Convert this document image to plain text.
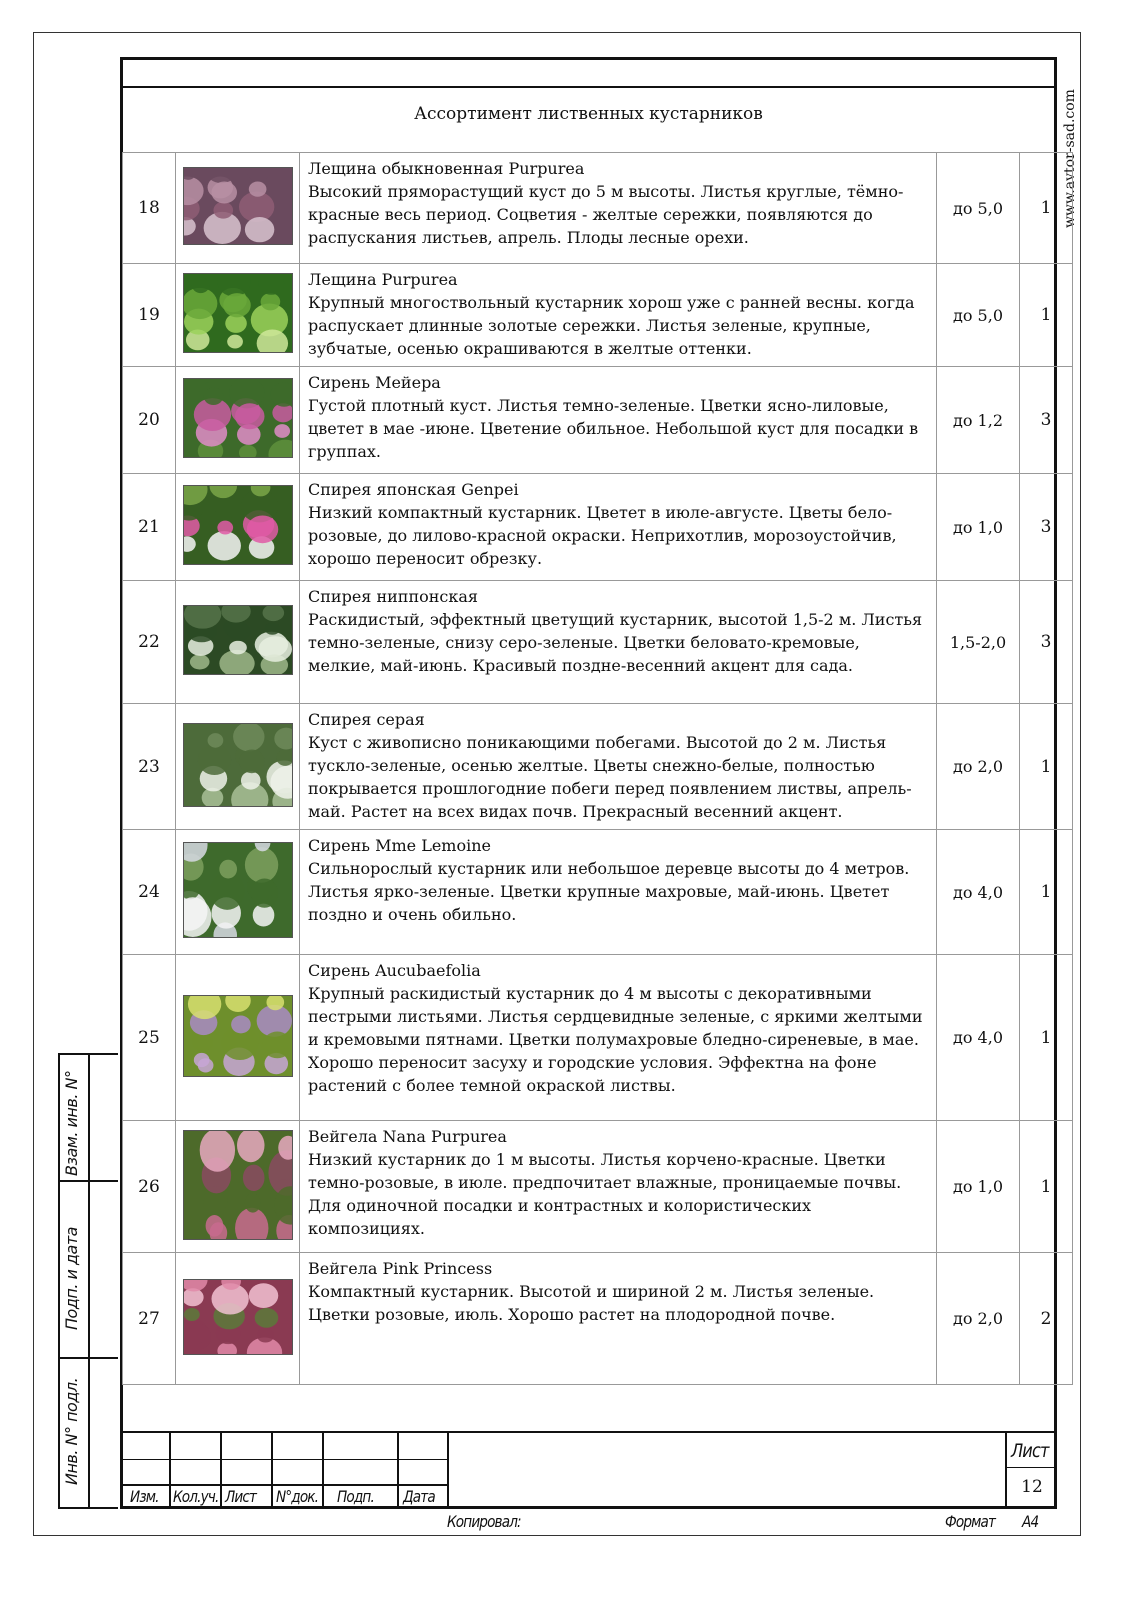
Ассортимент лиственных кустарников	www.avtor-sad.com
18		Лещина обыкновенная Purpurea
Высокий пряморастущий куст до 5 м высоты. Листья круглые, тёмно-красные весь период. Соцветия - желтые сережки, появляются до распускания листьев, апрель. Плоды лесные орехи.	до 5,0	1
19		Лещина Purpurea
Крупный многоствольный кустарник хорош уже с ранней весны. когда распускает длинные золотые сережки. Листья зеленые, крупные, зубчатые, осенью окрашиваются в желтые оттенки.	до 5,0	1
20		Сирень Мейера
Густой плотный куст. Листья темно-зеленые. Цветки ясно-лиловые, цветет в мае -июне. Цветение обильное. Небольшой куст для посадки в группах.	до 1,2	3
21		Спирея японская Genpei
Низкий компактный кустарник. Цветет в июле-августе. Цветы бело-розовые, до лилово-красной окраски. Неприхотлив, морозоустойчив, хорошо переносит обрезку.	до 1,0	3
22		Спирея ниппонская
Раскидистый, эффектный цветущий кустарник, высотой 1,5-2 м. Листья темно-зеленые, снизу серо-зеленые. Цветки беловато-кремовые, мелкие, май-июнь. Красивый поздне-весенний акцент для сада.	1,5-2,0	3
23		Спирея серая
Куст с живописно поникающими побегами. Высотой до 2 м. Листья тускло-зеленые, осенью желтые. Цветы снежно-белые, полностью покрывается прошлогодние побеги перед появлением листвы, апрель-май. Растет на всех видах почв. Прекрасный весенний акцент.	до 2,0	1
24		Сирень Mme Lemoine
Сильнорослый кустарник или небольшое деревце высоты до 4 метров. Листья ярко-зеленые. Цветки крупные махровые, май-июнь. Цветет поздно и очень обильно.	до 4,0	1
25		Сирень Aucubaefolia
Крупный раскидистый кустарник до 4 м высоты с декоративными пестрыми листьями. Листья сердцевидные зеленые, с яркими желтыми и кремовыми пятнами. Цветки полумахровые бледно-сиреневые, в мае. Хорошо переносит засуху и городские условия. Эффектна на фоне растений с более темной окраской листвы.	до 4,0	1
26		Вейгела Nana Purpurea
Низкий кустарник до 1 м высоты. Листья корчено-красные. Цветки темно-розовые, в июле. предпочитает влажные, проницаемые почвы. Для одиночной посадки и контрастных и колористических композициях.	до 1,0	1
27		Вейгела Pink Princess
Компактный кустарник. Высотой и шириной 2 м. Листья зеленые. Цветки розовые, июль. Хорошо растет на плодородной почве.	до 2,0	2
Взам. инв. N°
Подп. и дата
Инв. N° подл.
Изм. Кол.уч. Лист N°док. Подп. Дата
Лист
12
Копировал:	Формат А4
